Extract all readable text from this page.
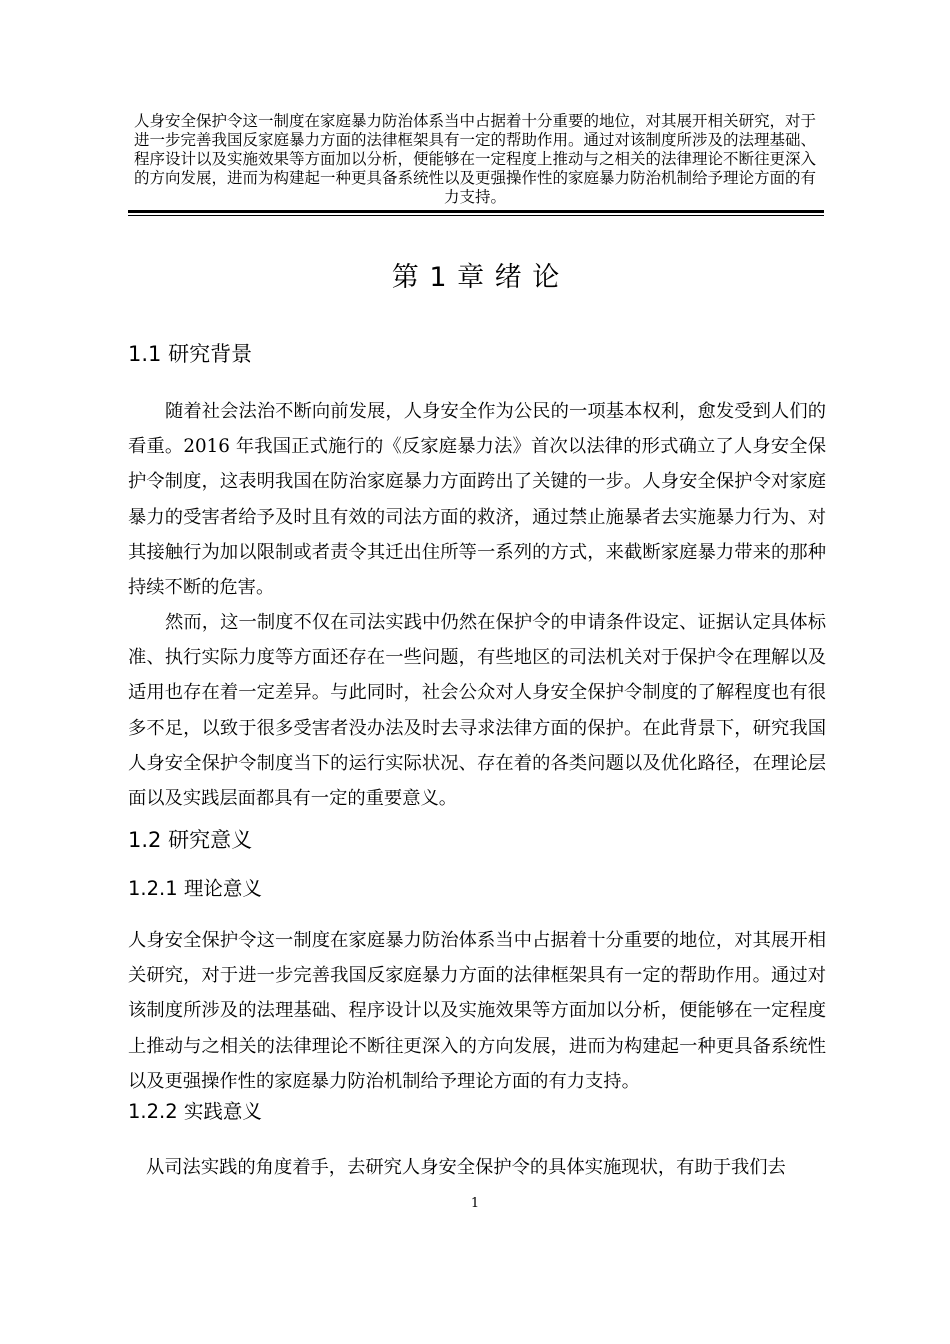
人身安全保护令这一制度在家庭暴力防治体系当中占据着十分重要的地位，对其展开相关研究，对于进一步完善我国反家庭暴力方面的法律框架具有一定的帮助作用。通过对该制度所涉及的法理基础、程序设计以及实施效果等方面加以分析，便能够在一定程度上推动与之相关的法律理论不断往更深入的方向发展，进而为构建起一种更具备系统性以及更强操作性的家庭暴力防治机制给予理论方面的有力支持。
第 1 章 绪 论
1.1 研究背景
随着社会法治不断向前发展，人身安全作为公民的一项基本权利，愈发受到人们的看重。2016 年我国正式施行的《反家庭暴力法》首次以法律的形式确立了人身安全保护令制度，这表明我国在防治家庭暴力方面跨出了关键的一步。人身安全保护令对家庭暴力的受害者给予及时且有效的司法方面的救济，通过禁止施暴者去实施暴力行为、对其接触行为加以限制或者责令其迁出住所等一系列的方式，来截断家庭暴力带来的那种持续不断的危害。
然而，这一制度不仅在司法实践中仍然在保护令的申请条件设定、证据认定具体标准、执行实际力度等方面还存在一些问题，有些地区的司法机关对于保护令在理解以及适用也存在着一定差异。与此同时，社会公众对人身安全保护令制度的了解程度也有很多不足，以致于很多受害者没办法及时去寻求法律方面的保护。在此背景下，研究我国人身安全保护令制度当下的运行实际状况、存在着的各类问题以及优化路径，在理论层面以及实践层面都具有一定的重要意义。
1.2 研究意义
1.2.1 理论意义
人身安全保护令这一制度在家庭暴力防治体系当中占据着十分重要的地位，对其展开相关研究，对于进一步完善我国反家庭暴力方面的法律框架具有一定的帮助作用。通过对该制度所涉及的法理基础、程序设计以及实施效果等方面加以分析，便能够在一定程度上推动与之相关的法律理论不断往更深入的方向发展，进而为构建起一种更具备系统性以及更强操作性的家庭暴力防治机制给予理论方面的有力支持。
1.2.2 实践意义
从司法实践的角度着手，去研究人身安全保护令的具体实施现状，有助于我们去
1
